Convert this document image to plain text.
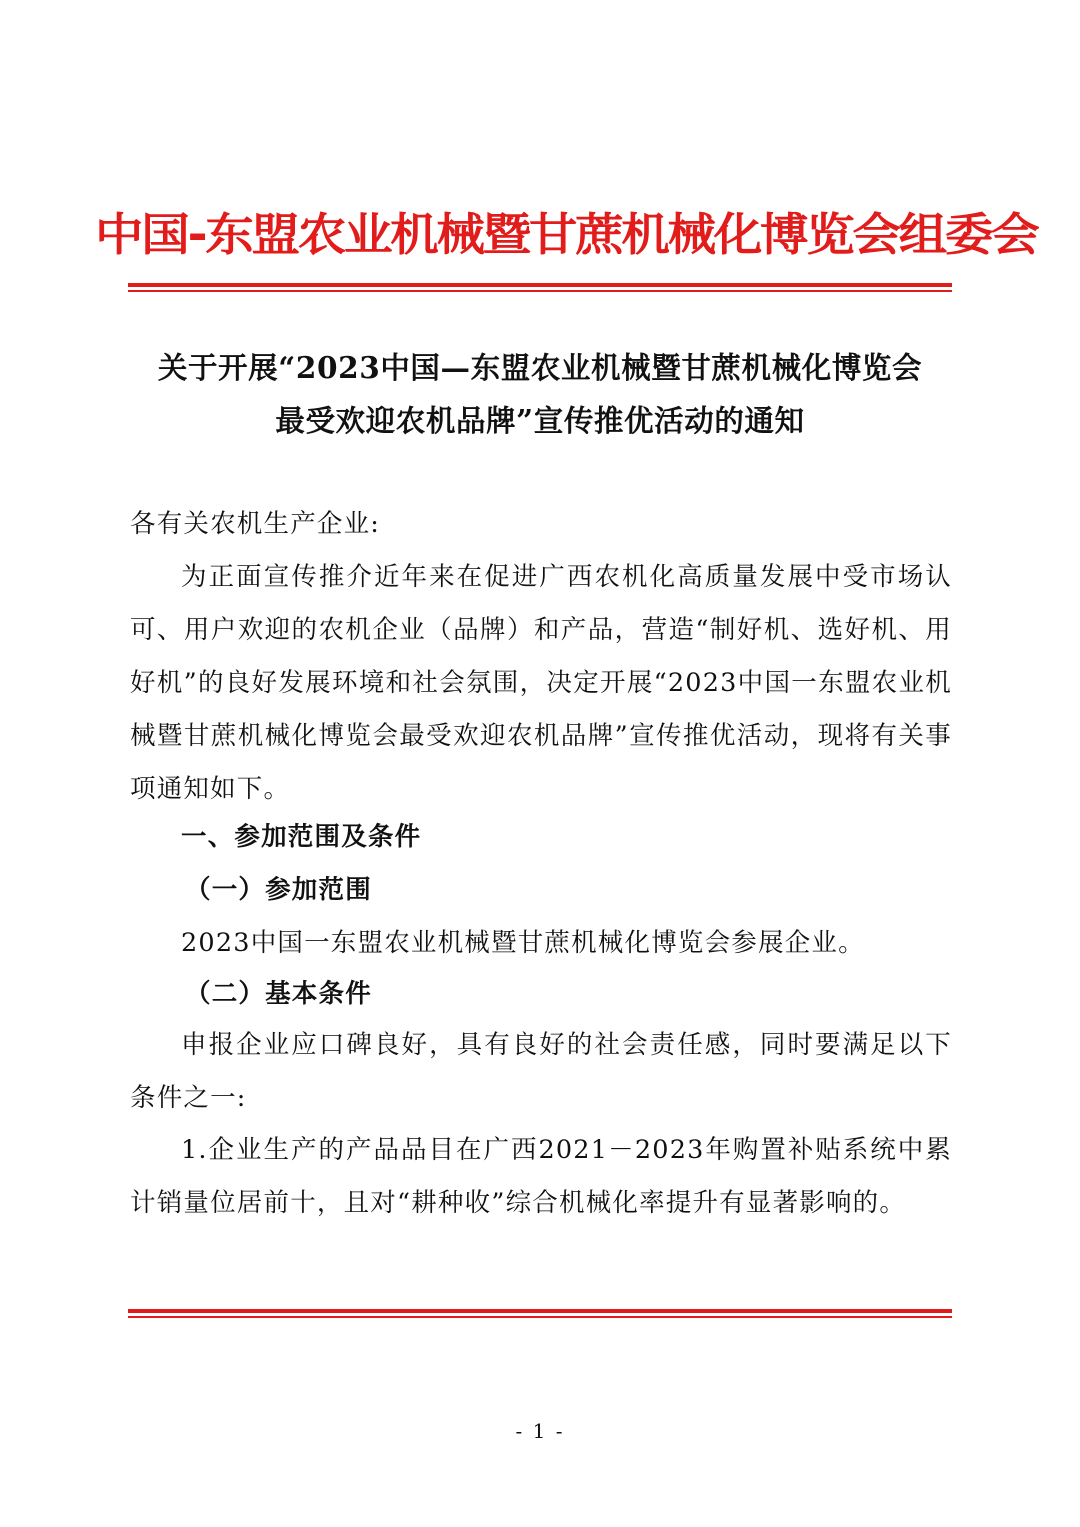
中国-东盟农业机械暨甘蔗机械化博览会组委会
关于开展“2023中国—东盟农业机械暨甘蔗机械化博览会
最受欢迎农机品牌”宣传推优活动的通知
各有关农机生产企业:
为正面宣传推介近年来在促进广西农机化高质量发展中受市场认可、用户欢迎的农机企业（品牌）和产品，营造“制好机、选好机、用好机”的良好发展环境和社会氛围，决定开展“2023中国一东盟农业机械暨甘蔗机械化博览会最受欢迎农机品牌”宣传推优活动，现将有关事项通知如下。
一、参加范围及条件
（一）参加范围
2023中国一东盟农业机械暨甘蔗机械化博览会参展企业。
（二）基本条件
申报企业应口碑良好，具有良好的社会责任感，同时要满足以下条件之一:
1.企业生产的产品品目在广西2021－2023年购置补贴系统中累计销量位居前十，且对“耕种收”综合机械化率提升有显著影响的。
- 1 -
